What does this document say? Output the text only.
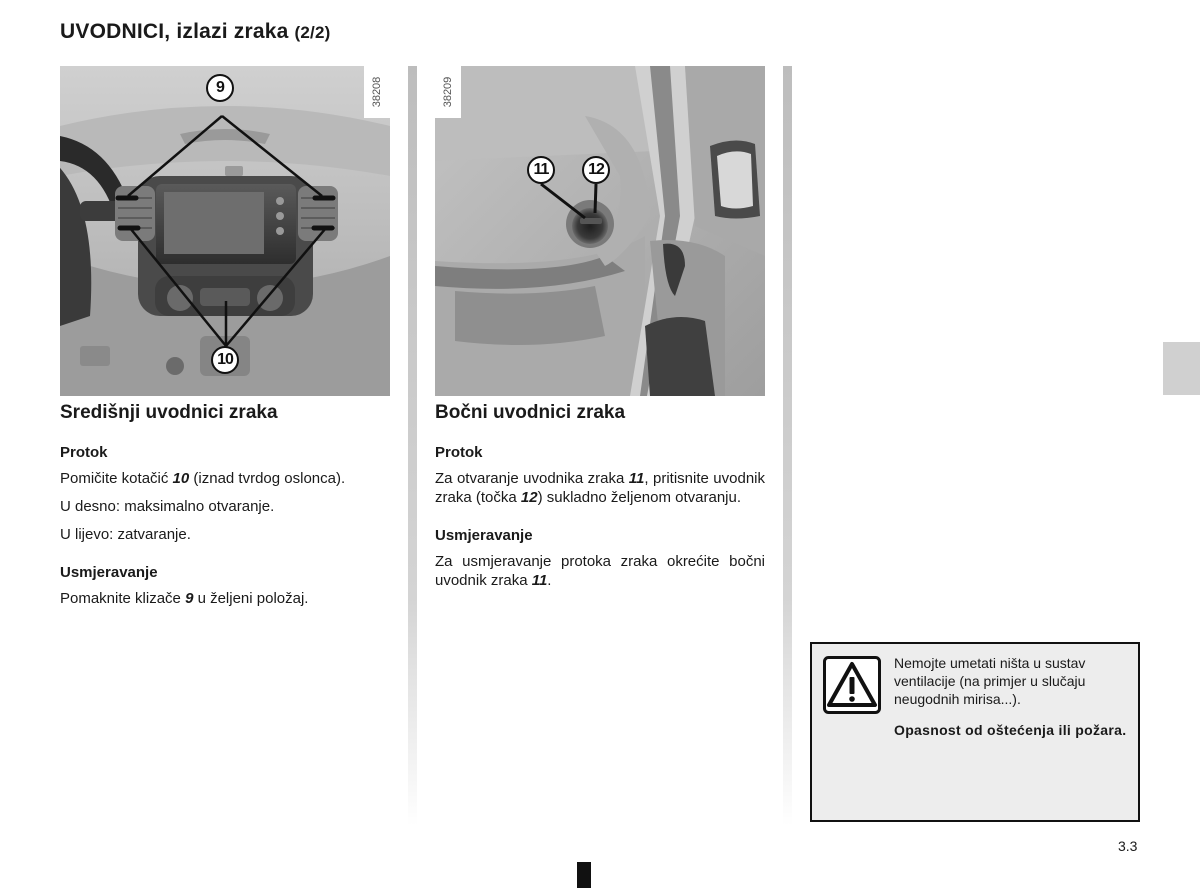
UVODNICI, izlazi zraka (2/2)
38208
9
10
38209
11	12
Središnji uvodnici zraka
Protok

Pomičite kotačić 10 (iznad tvrdog oslonca).

U desno: maksimalno otvaranje.

U lijevo: zatvaranje.

Usmjeravanje

Pomaknite klizače 9 u željeni položaj.

Bočni uvodnici zraka
Protok

Za otvaranje uvodnika zraka 11, pritisnite uvodnik zraka (točka 12) sukladno željenom otvaranju.

Usmjeravanje

Za usmjeravanje protoka zraka okrećite bočni uvodnik zraka 11.

Nemojte umetati ništa u sustav ventilacije (na primjer u slučaju neugodnih mirisa...).
Opasnost od oštećenja ili požara.
3.3
